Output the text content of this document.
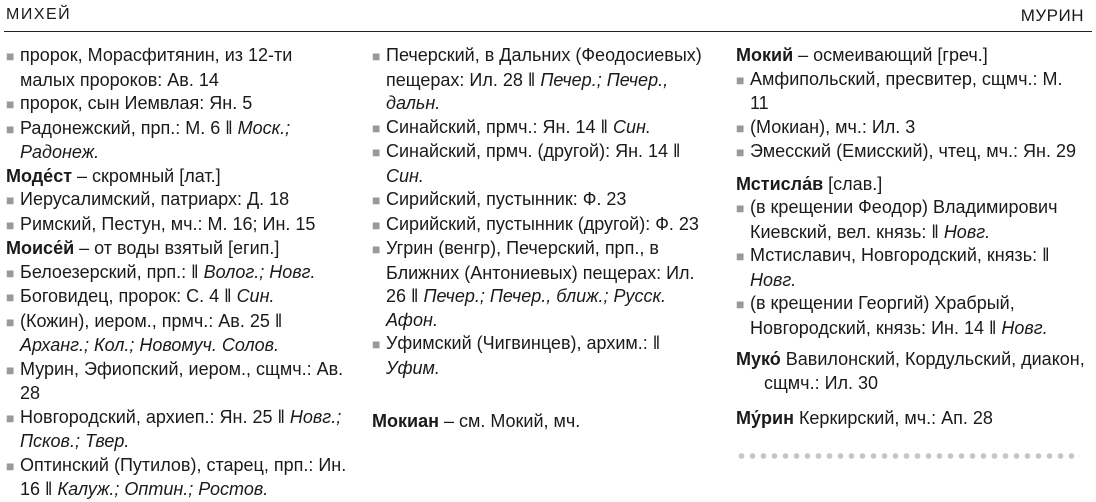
МИХЕЙ	МУРИН

■ пророк, Морасфитянин, из 12-ти малых пророков: Ав. 14

■ пророк, сын Иемвлая: Ян. 5

■ Радонежский, прп.: М. 6 ‖ Моск.; Радонеж.

Моде́ст – скромный [лат.]

■ Иерусалимский, патриарх: Д. 18

■ Римский, Пестун, мч.: М. 16; Ин. 15

Моисе́й – от воды взятый [егип.]

■ Белоезерский, прп.: ‖ Волог.; Новг.

■ Боговидец, пророк: С. 4 ‖ Син.

■ (Кожин), иером., прмч.: Ав. 25 ‖ Арханг.; Кол.; Новомуч. Солов.

■ Мурин, Эфиопский, иером., сщмч.: Ав. 28

■ Новгородский, архиеп.: Ян. 25 ‖ Новг.; Псков.; Твер.

■ Оптинский (Путилов), старец, прп.: Ин. 16 ‖ Калуж.; Оптин.; Ростов.

■ Печерский, в Дальних (Феодосиевых) пещерах: Ил. 28 ‖ Печер.; Печер., дальн.

■ Синайский, прмч.: Ян. 14 ‖ Син.

■ Синайский, прмч. (другой): Ян. 14 ‖ Син.

■ Сирийский, пустынник: Ф. 23

■ Сирийский, пустынник (другой): Ф. 23

■ Угрин (венгр), Печерский, прп., в Ближних (Антониевых) пещерах: Ил. 26 ‖ Печер.; Печер., ближ.; Русск. Афон.

■ Уфимский (Чигвинцев), архим.: ‖ Уфим.

Мокиан – см. Мокий, мч.

Мокий – осмеивающий [греч.]

■ Амфипольский, пресвитер, сщмч.: М. 11

■ (Мокиан), мч.: Ил. 3

■ Эмесский (Емисский), чтец, мч.: Ян. 29

Мстисла́в [слав.]

■ (в крещении Феодор) Владимирович Киевский, вел. князь: ‖ Новг.

■ Мстиславич, Новгородский, князь: ‖ Новг.

■ (в крещении Георгий) Храбрый, Новгородский, князь: Ин. 14 ‖ Новг.

Муко́ Вавилонский, Кордульский, диакон, сщмч.: Ил. 30

Му́рин Керкирский, мч.: Ап. 28
